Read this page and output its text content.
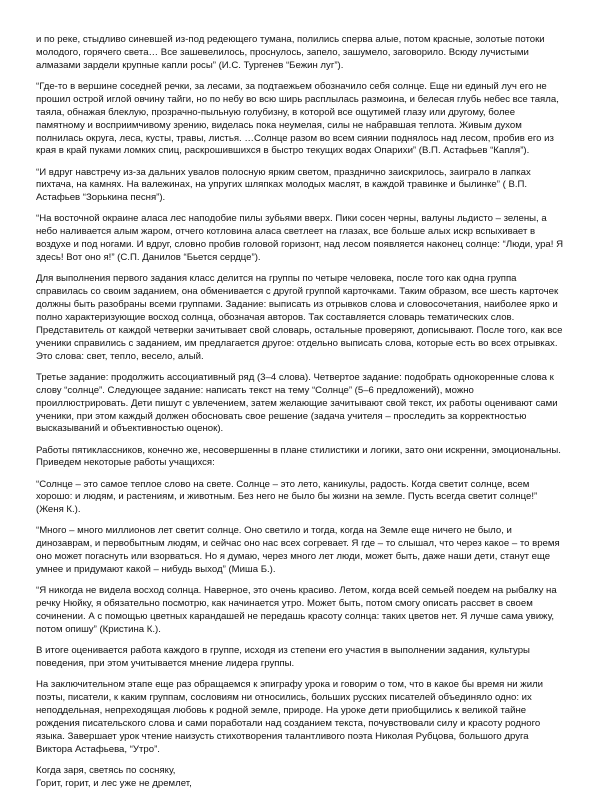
и по реке, стыдливо синевшей из-под редеющего тумана, полились сперва алые, потом красные, золотые потоки молодого, горячего света… Все зашевелилось, проснулось, запело, зашумело, заговорило. Всюду лучистыми алмазами зардели крупные капли росы” (И.С. Тургенев “Бежин луг”).

“Где-то в вершине соседней речки, за лесами, за подтаежьем обозначило себя солнце. Еще ни единый луч его не прошил острой иглой овчину тайги, но по небу во всю ширь расплылась размоина, и белесая глубь небес все таяла, таяла, обнажая блеклую, прозрачно-пыльную голубизну, в которой все ощутимей глазу или другому, более памятному и восприимчивому зрению, виделась пока неумелая, силы не набравшая теплота. Живым духом полнилась округа, леса, кусты, травы, листья. …Солнце разом во всем сиянии поднялось над лесом, пробив его из края в край пуками ломких спиц, раскрошившихся в быстро текущих водах Опарихи” (В.П. Астафьев “Капля”).

“И вдруг навстречу из-за дальних увалов полосную ярким светом, празднично заискрилось, заиграло в лапках пихтача, на камнях. На валежинах, на упругих шляпках молодых маслят, в каждой травинке и былинке” ( В.П. Астафьев “Зорькина песня”).

“На восточной окраине аласа лес наподобие пилы зубьями вверх. Пики сосен черны, валуны льдисто – зелены, а небо наливается алым жаром, отчего котловина аласа светлеет на глазах, все больше алых искр вспыхивает в воздухе и под ногами. И вдруг, словно пробив головой горизонт, над лесом появляется наконец солнце: “Люди, ура! Я здесь! Вот оно я!” (С.П. Данилов “Бьется сердце”).

Для выполнения первого задания класс делится на группы по четыре человека, после того как одна группа справилась со своим заданием, она обменивается с другой группой карточками. Таким образом, все шесть карточек должны быть разобраны всеми группами. Задание: выписать из отрывков слова и словосочетания, наиболее ярко и полно характеризующие восход солнца, обозначая авторов. Так составляется словарь тематических слов. Представитель от каждой четверки зачитывает свой словарь, остальные проверяют, дописывают. После того, как все ученики справились с заданием, им предлагается другое: отдельно выписать слова, которые есть во всех отрывках. Это слова: свет, тепло, весело, алый.

Третье задание: продолжить ассоциативный ряд (3–4 слова). Четвертое задание: подобрать однокоренные слова к слову “солнце”. Следующее задание: написать текст на тему “Солнце” (5–6 предложений), можно проиллюстрировать. Дети пишут с увлечением, затем желающие зачитывают свой текст, их работы оценивают сами ученики, при этом каждый должен обосновать свое решение (задача учителя – проследить за корректностью высказываний и объективностью оценок).

Работы пятиклассников, конечно же, несовершенны в плане стилистики и логики, зато они искренни, эмоциональны. Приведем некоторые работы учащихся:

“Солнце – это самое теплое слово на свете. Солнце – это лето, каникулы, радость. Когда светит солнце, всем хорошо: и людям, и растениям, и животным. Без него не было бы жизни на земле. Пусть всегда светит солнце!” (Женя К.).

“Много – много миллионов лет светит солнце. Оно светило и тогда, когда на Земле еще ничего не было, и динозаврам, и первобытным людям, и сейчас оно нас всех согревает. Я где – то слышал, что через какое – то время оно может погаснуть или взорваться. Но я думаю, через много лет люди, может быть, даже наши дети, станут еще умнее и придумают какой – нибудь выход” (Миша Б.).

“Я никогда не видела восход солнца. Наверное, это очень красиво. Летом, когда всей семьей поедем на рыбалку на речку Нюйку, я обязательно посмотрю, как начинается утро. Может быть, потом смогу описать рассвет в своем сочинении. А с помощью цветных карандашей не передашь красоту солнца: таких цветов нет. Я лучше сама увижу, потом опишу” (Кристина К.).

В итоге оценивается работа каждого в группе, исходя из степени его участия в выполнении задания, культуры поведения, при этом учитывается мнение лидера группы.

На заключительном этапе еще раз обращаемся к эпиграфу урока и говорим о том, что в какое бы время ни жили поэты, писатели, к каким группам, сословиям ни относились, больших русских писателей объединяло одно: их неподдельная, непреходящая любовь к родной земле, природе. На уроке дети приобщились к великой тайне рождения писательского слова и сами поработали над созданием текста, почувствовали силу и красоту родного языка. Завершает урок чтение наизусть стихотворения талантливого поэта Николая Рубцова, большого друга Виктора Астафьева, “Утро”.

Когда заря, светясь по сосняку,

Горит, горит, и лес уже не дремлет,
